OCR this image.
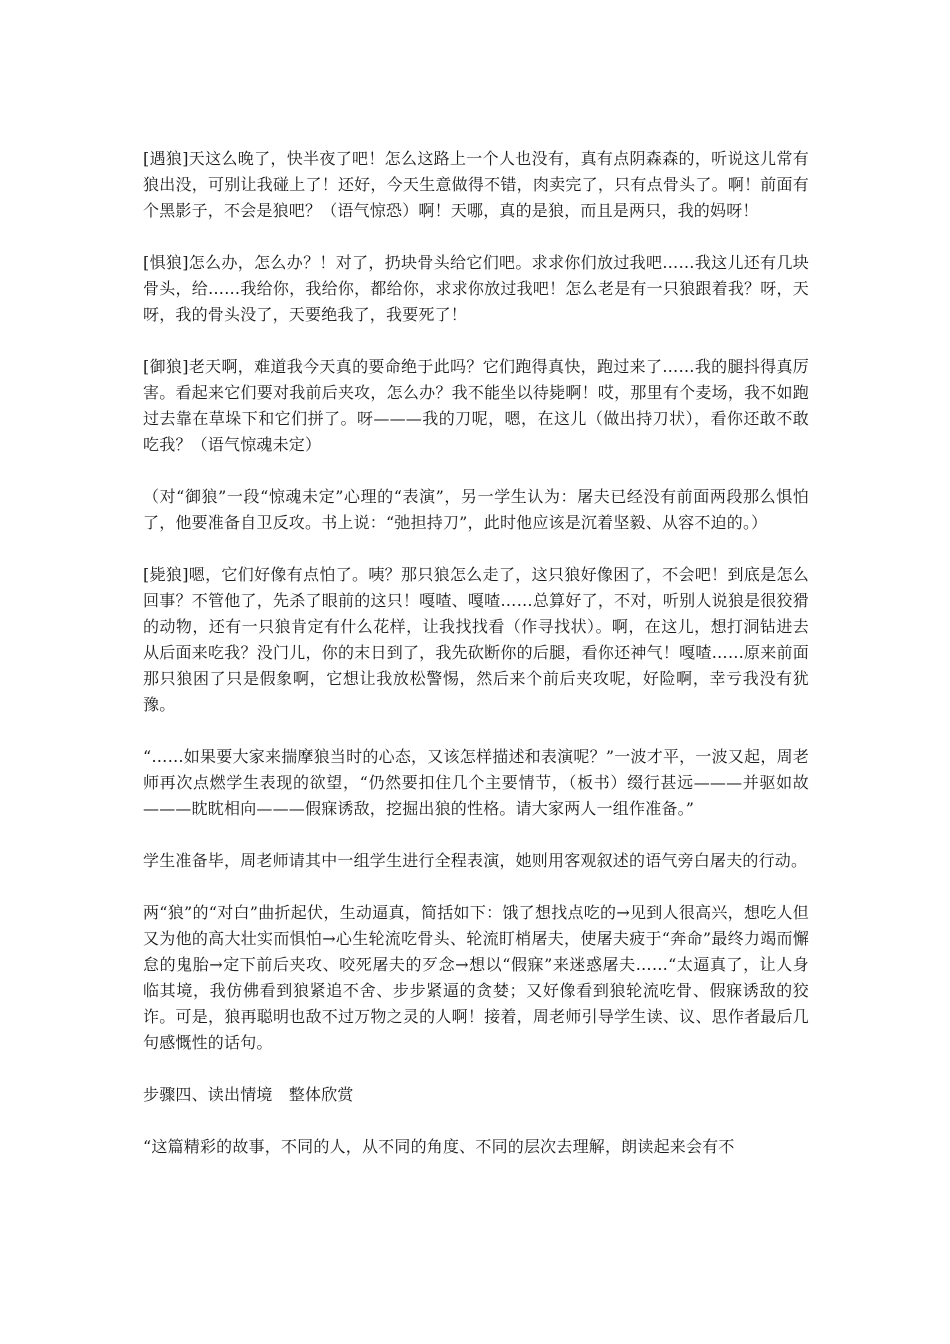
[遇狼]天这么晚了，快半夜了吧！怎么这路上一个人也没有，真有点阴森森的，听说这儿常有狼出没，可别让我碰上了！还好，今天生意做得不错，肉卖完了，只有点骨头了。啊！前面有个黑影子，不会是狼吧？（语气惊恐）啊！天哪，真的是狼，而且是两只，我的妈呀！

[惧狼]怎么办，怎么办？！对了，扔块骨头给它们吧。求求你们放过我吧……我这儿还有几块骨头，给……我给你，我给你，都给你，求求你放过我吧！怎么老是有一只狼跟着我？呀，天呀，我的骨头没了，天要绝我了，我要死了！

[御狼]老天啊，难道我今天真的要命绝于此吗？它们跑得真快，跑过来了……我的腿抖得真厉害。看起来它们要对我前后夹攻，怎么办？我不能坐以待毙啊！哎，那里有个麦场，我不如跑过去靠在草垛下和它们拼了。呀———我的刀呢，嗯，在这儿（做出持刀状），看你还敢不敢吃我？（语气惊魂未定）

（对“御狼”一段“惊魂未定”心理的“表演”，另一学生认为：屠夫已经没有前面两段那么惧怕了，他要准备自卫反攻。书上说：“弛担持刀”，此时他应该是沉着坚毅、从容不迫的。）

[毙狼]嗯，它们好像有点怕了。咦？那只狼怎么走了，这只狼好像困了，不会吧！到底是怎么回事？不管他了，先杀了眼前的这只！嘎喳、嘎喳……总算好了，不对，听别人说狼是很狡猾的动物，还有一只狼肯定有什么花样，让我找找看（作寻找状）。啊，在这儿，想打洞钻进去从后面来吃我？没门儿，你的末日到了，我先砍断你的后腿，看你还神气！嘎喳……原来前面那只狼困了只是假象啊，它想让我放松警惕，然后来个前后夹攻呢，好险啊，幸亏我没有犹豫。

“……如果要大家来揣摩狼当时的心态，又该怎样描述和表演呢？”一波才平，一波又起，周老师再次点燃学生表现的欲望，“仍然要扣住几个主要情节，（板书）缀行甚远———并驱如故———眈眈相向———假寐诱敌，挖掘出狼的性格。请大家两人一组作准备。”

学生准备毕，周老师请其中一组学生进行全程表演，她则用客观叙述的语气旁白屠夫的行动。

两“狼”的“对白”曲折起伏，生动逼真，简括如下：饿了想找点吃的→见到人很高兴，想吃人但又为他的高大壮实而惧怕→心生轮流吃骨头、轮流盯梢屠夫，使屠夫疲于“奔命”最终力竭而懈怠的鬼胎→定下前后夹攻、咬死屠夫的歹念→想以“假寐”来迷惑屠夫……“太逼真了，让人身临其境，我仿佛看到狼紧追不舍、步步紧逼的贪婪；又好像看到狼轮流吃骨、假寐诱敌的狡诈。可是，狼再聪明也敌不过万物之灵的人啊！接着，周老师引导学生读、议、思作者最后几句感慨性的话句。

步骤四、读出情境　整体欣赏

“这篇精彩的故事，不同的人，从不同的角度、不同的层次去理解，朗读起来会有不
